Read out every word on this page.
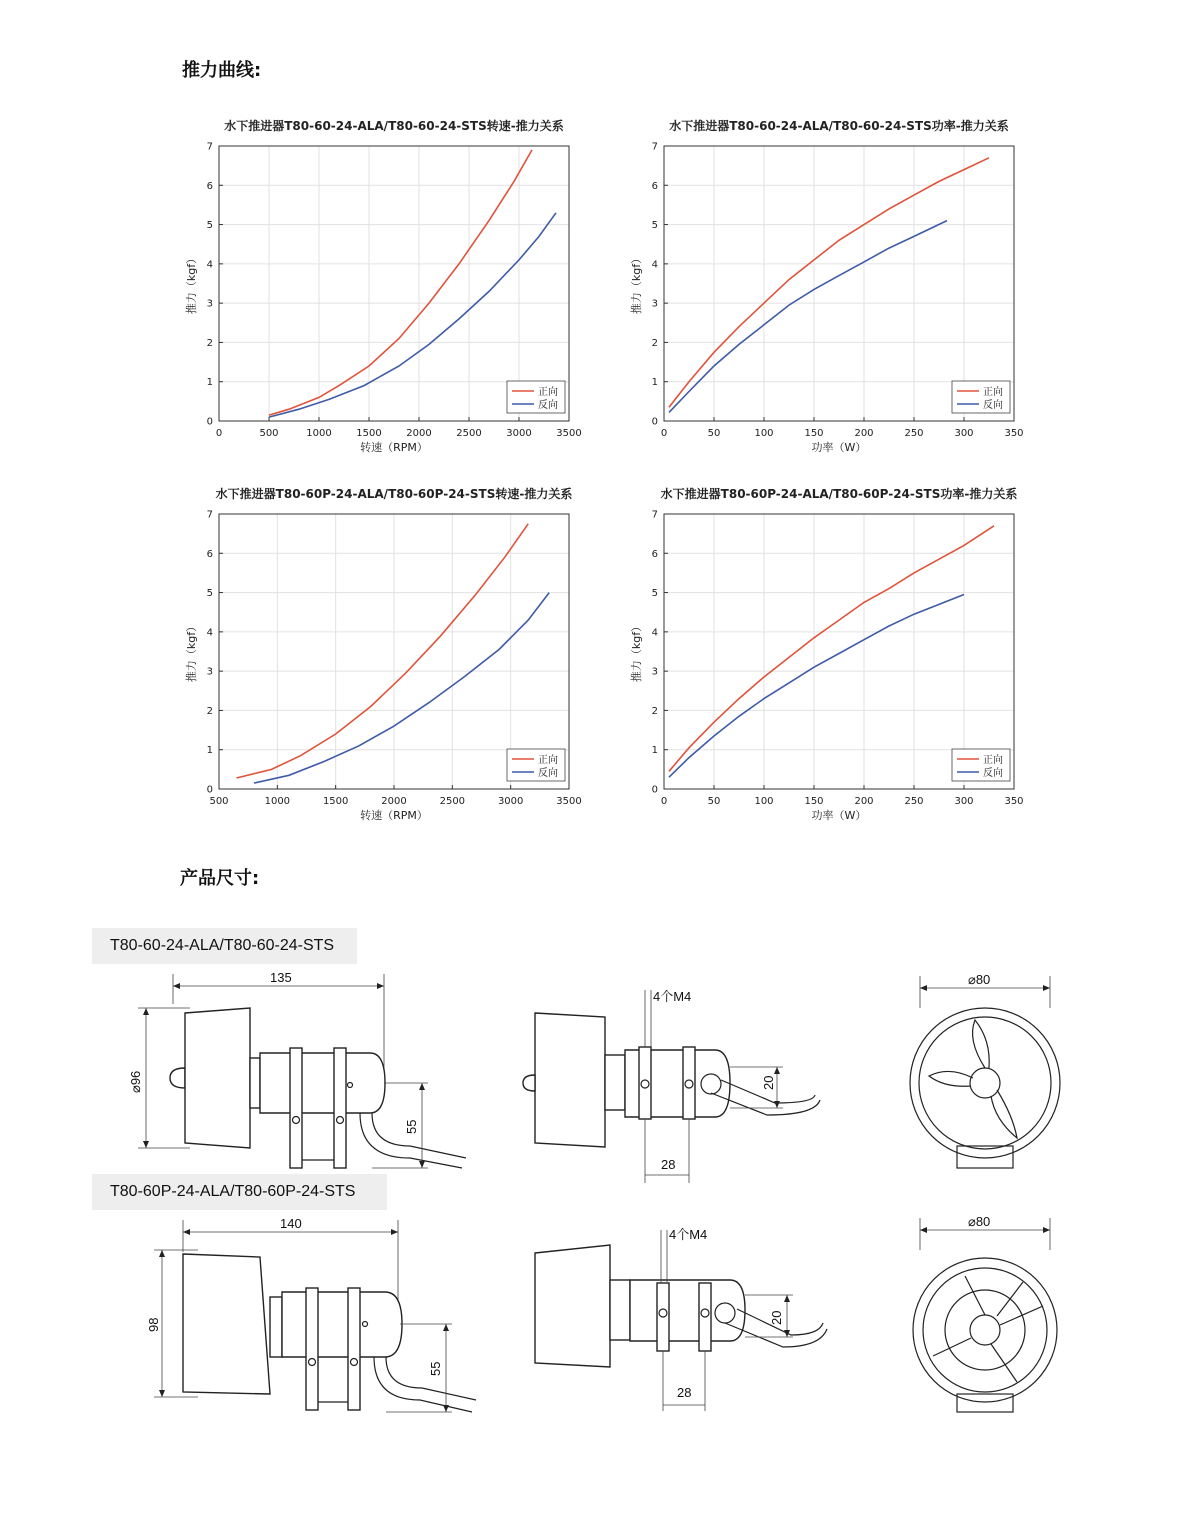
推力曲线:
水下推进器T80-60-24-ALA/T80-60-24-STS转速-推力关系
0	500	1000 1500 2000 2500 3000 3500
0
1
2
3
4
5
6
7
转速（RPM）
推力（kgf）
正向
反向
水下推进器T80-60-24-ALA/T80-60-24-STS功率-推力关系
0	50	100	150	200	250	300	350
0
1
2
3
4
5
6
7
功率（W）
推力（kgf）
正向
反向
水下推进器T80-60P-24-ALA/T80-60P-24-STS转速-推力关系
500	1000	1500	2000	2500	3000	3500
0
1
2
3
4
5
6
7
转速（RPM）
推力（kgf）
正向
反向
水下推进器T80-60P-24-ALA/T80-60P-24-STS功率-推力关系
0	50	100	150	200	250	300	350
0
1
2
3
4
5
6
7
功率（W）
推力（kgf）
正向
反向
产品尺寸:
T80-60-24-ALA/T80-60-24-STS
135
⌀96
55
4个M4
20
28
⌀80
T80-60P-24-ALA/T80-60P-24-STS
140
98
55
4个M4
20
28
⌀80
